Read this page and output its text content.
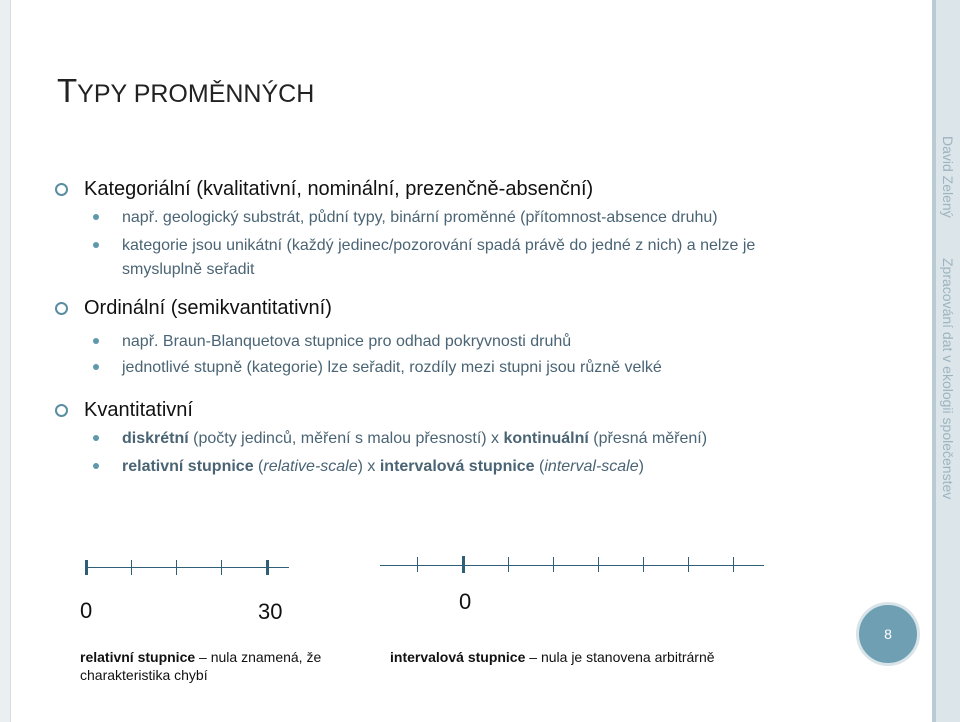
TYPY PROMĚNNÝCH
Kategoriální (kvalitativní, nominální, prezenčně-absenční)
např. geologický substrát, půdní typy, binární proměnné (přítomnost-absence druhu)
kategorie jsou unikátní (každý jedinec/pozorování spadá právě do jedné z nich) a nelze je smysluplně seřadit
Ordinální (semikvantitativní)
např. Braun-Blanquetova stupnice pro odhad pokryvnosti druhů
jednotlivé stupně (kategorie) lze seřadit, rozdíly mezi stupni jsou různě velké
Kvantitativní
diskrétní (počty jedinců, měření s malou přesností) x kontinuální (přesná měření)
relativní stupnice (relative-scale) x intervalová stupnice (interval-scale)
0	30
relativní stupnice – nula znamená, že charakteristika chybí
0
intervalová stupnice – nula je stanovena arbitrárně
David Zelený
Zpracování dat v ekologii společenstev
8
